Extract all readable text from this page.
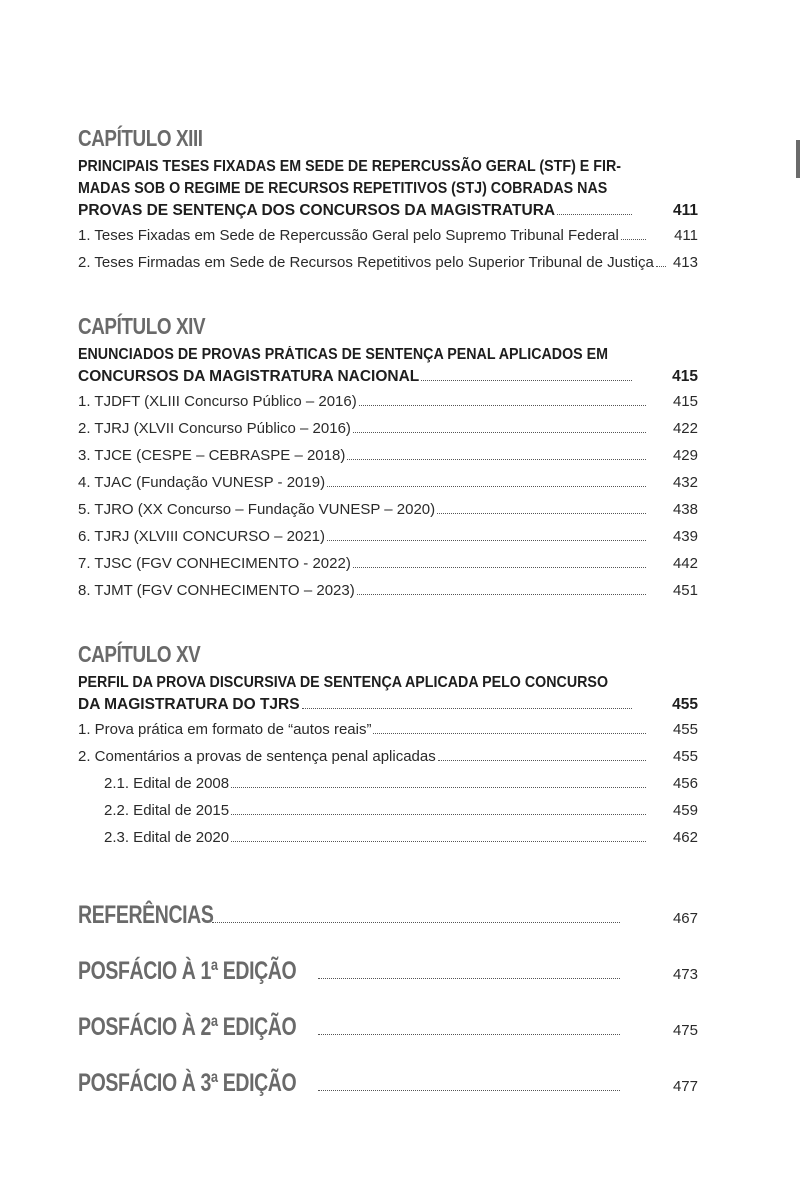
CAPÍTULO XIII
PRINCIPAIS TESES FIXADAS EM SEDE DE REPERCUSSÃO GERAL (STF) E FIR-
MADAS SOB O REGIME DE RECURSOS REPETITIVOS (STJ) COBRADAS NAS
PROVAS DE SENTENÇA DOS CONCURSOS DA MAGISTRATURA	411
1. Teses Fixadas em Sede de Repercussão Geral pelo Supremo Tribunal Federal	411
2. Teses Firmadas em Sede de Recursos Repetitivos pelo Superior Tribunal de Justiça 413
CAPÍTULO XIV
ENUNCIADOS DE PROVAS PRÁTICAS DE SENTENÇA PENAL APLICADOS EM
CONCURSOS DA MAGISTRATURA NACIONAL	415
1. TJDFT (XLIII Concurso Público – 2016)	415
2. TJRJ (XLVII Concurso Público – 2016)	422
3. TJCE (CESPE – CEBRASPE – 2018)	429
4. TJAC (Fundação VUNESP - 2019)	432
5. TJRO (XX Concurso – Fundação VUNESP – 2020)	438
6. TJRJ (XLVIII CONCURSO – 2021)	439
7. TJSC (FGV CONHECIMENTO - 2022)	442
8. TJMT (FGV CONHECIMENTO – 2023)	451
CAPÍTULO XV
PERFIL DA PROVA DISCURSIVA DE SENTENÇA APLICADA PELO CONCURSO
DA MAGISTRATURA DO TJRS	455
1. Prova prática em formato de “autos reais”	455
2. Comentários a provas de sentença penal aplicadas	455
2.1. Edital de 2008	456
2.2. Edital de 2015	459
2.3. Edital de 2020	462
REFERÊNCIAS	467
POSFÁCIO À 1ª EDIÇÃO	473
POSFÁCIO À 2ª EDIÇÃO	475
POSFÁCIO À 3ª EDIÇÃO	477
